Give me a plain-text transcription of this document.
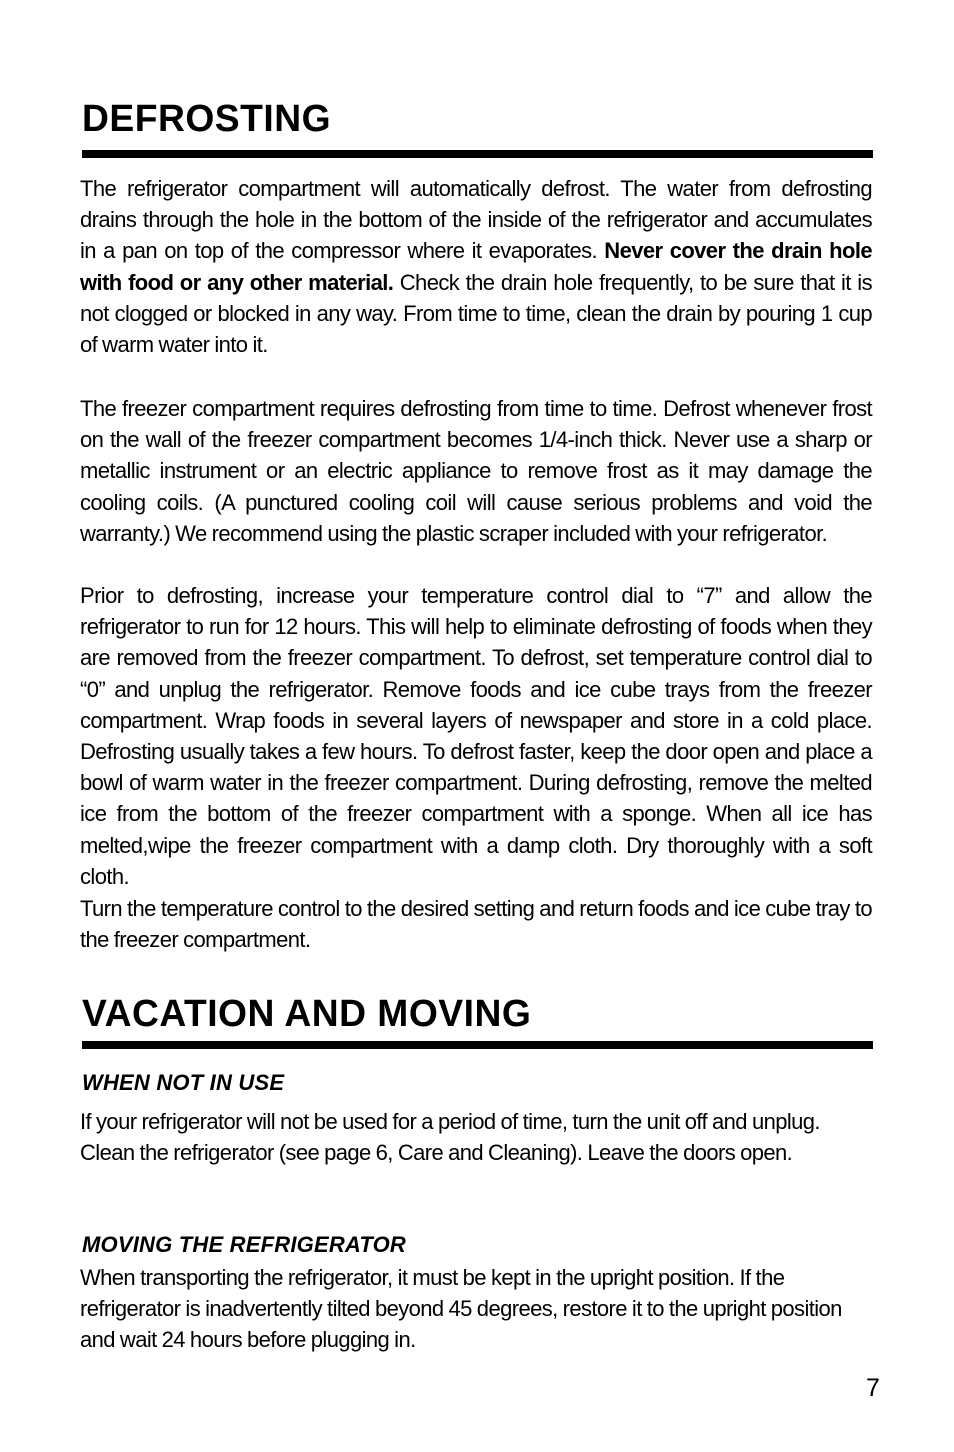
DEFROSTING

The refrigerator compartment will automatically defrost. The water from defrosting drains through the hole in the bottom of the inside of the refrigerator and accumulates in a pan on top of the compressor where it evaporates. Never cover the drain hole with food or any other material. Check the drain hole frequently, to be sure that it is not clogged or blocked in any way. From time to time, clean the drain by pouring 1 cup of warm water into it.

The freezer compartment requires defrosting from time to time. Defrost whenever frost on the wall of the freezer compartment becomes 1/4-inch thick. Never use a sharp or metallic instrument or an electric appliance to remove frost as it may damage the cooling coils. (A punctured cooling coil will cause serious problems and void the warranty.) We recommend using the plastic scraper included with your refrigerator.

Prior to defrosting, increase your temperature control dial to “7” and allow the refrigerator to run for 12 hours. This will help to eliminate defrosting of foods when they are removed from the freezer compartment. To defrost, set temperature control dial to “0” and unplug the refrigerator. Remove foods and ice cube trays from the freezer compartment. Wrap foods in several layers of newspaper and store in a cold place. Defrosting usually takes a few hours. To defrost faster, keep the door open and place a bowl of warm water in the freezer compartment. During defrosting, remove the melted ice from the bottom of the freezer compartment with a sponge. When all ice has melted,wipe the freezer compartment with a damp cloth. Dry thoroughly with a soft cloth.

Turn the temperature control to the desired setting and return foods and ice cube tray to the freezer compartment.

VACATION AND MOVING
WHEN NOT IN USE

If your refrigerator will not be used for a period of time, turn the unit off and unplug. Clean the refrigerator (see page 6, Care and Cleaning). Leave the doors open.

MOVING THE REFRIGERATOR

When transporting the refrigerator, it must be kept in the upright position. If the refrigerator is inadvertently tilted beyond 45 degrees, restore it to the upright position and wait 24 hours before plugging in.

7
